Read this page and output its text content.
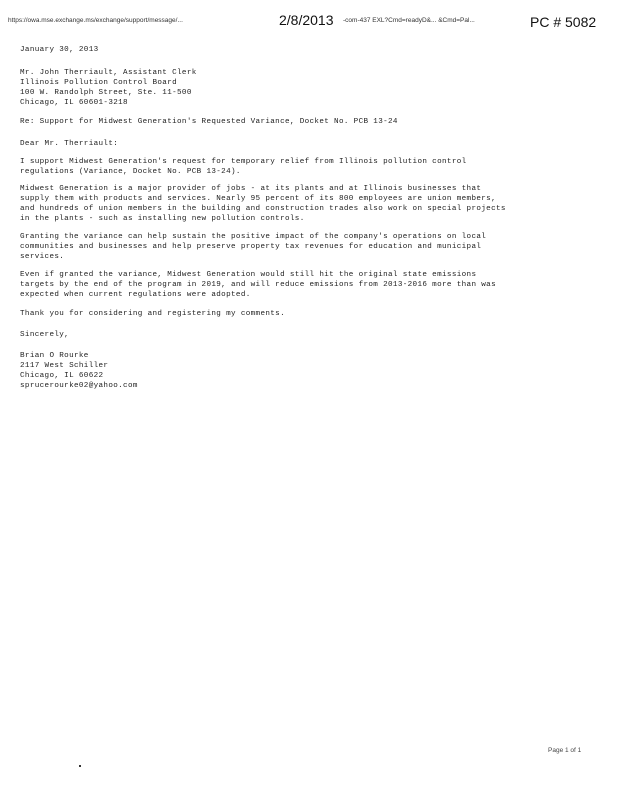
https://owa.mse.exchange.ms/exchange/support/message/...	2/8/2013 -com-437 EXL?Cmd=readyD&... &Cmd=Pal...	PC # 5082
January 30, 2013
Mr. John Therriault, Assistant Clerk
Illinois Pollution Control Board
100 W. Randolph Street, Ste. 11-500
Chicago, IL 60601-3218
Re: Support for Midwest Generation's Requested Variance, Docket No. PCB 13-24
Dear Mr. Therriault:
I support Midwest Generation's request for temporary relief from Illinois pollution control
regulations (Variance, Docket No. PCB 13-24).
Midwest Generation is a major provider of jobs - at its plants and at Illinois businesses that
supply them with products and services. Nearly 95 percent of its 800 employees are union members,
and hundreds of union members in the building and construction trades also work on special projects
in the plants - such as installing new pollution controls.
Granting the variance can help sustain the positive impact of the company's operations on local
communities and businesses and help preserve property tax revenues for education and municipal
services.
Even if granted the variance, Midwest Generation would still hit the original state emissions
targets by the end of the program in 2019, and will reduce emissions from 2013-2016 more than was
expected when current regulations were adopted.
Thank you for considering and registering my comments.
Sincerely,
Brian O Rourke
2117 West Schiller
Chicago, IL 60622
sprucerourke02@yahoo.com
Page 1 of 1
